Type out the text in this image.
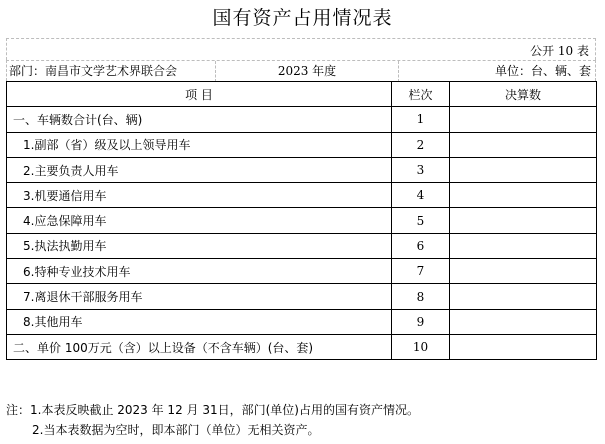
国有资产占用情况表
公开 10 表
部门：南昌市文学艺术界联合会	2023 年度	单位：台、辆、套
项 目	栏次	决算数
一、车辆数合计(台、辆)	1	
1.副部（省）级及以上领导用车	2	
2.主要负责人用车	3	
3.机要通信用车	4	
4.应急保障用车	5	
5.执法执勤用车	6	
6.特种专业技术用车	7	
7.离退休干部服务用车	8	
8.其他用车	9	
二、单价 100万元（含）以上设备（不含车辆）(台、套)	10	
注：1.本表反映截止 2023 年 12 月 31日，部门(单位)占用的国有资产情况。
2.当本表数据为空时，即本部门（单位）无相关资产。
